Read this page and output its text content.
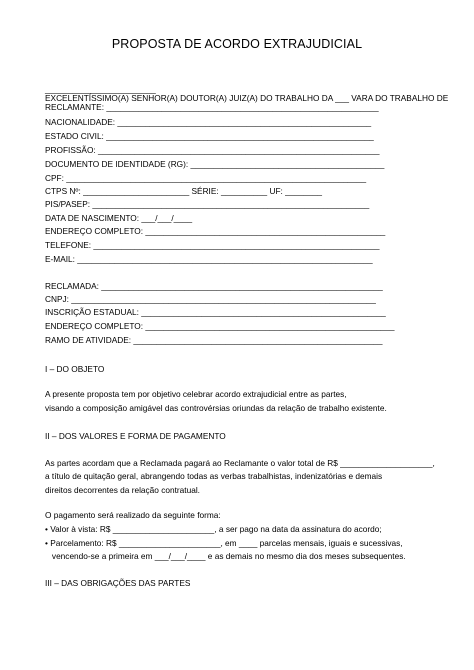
PROPOSTA DE ACORDO EXTRAJUDICIAL
EXCELENTÍSSIMO(A) SENHOR(A) DOUTOR(A) JUIZ(A) DO TRABALHO DA ___ VARA DO TRABALHO DE
________________________
RECLAMANTE: ___________________________________________________________
NACIONALIDADE: _______________________________________________________
ESTADO CIVIL: __________________________________________________________
PROFISSÃO: _____________________________________________________________
DOCUMENTO DE IDENTIDADE (RG): __________________________________________
CPF: _________________________________________________________________
CTPS Nº: _______________________ SÉRIE: __________ UF: ________
PIS/PASEP: ____________________________________________________________
DATA DE NASCIMENTO: ___/___/____
ENDEREÇO COMPLETO: ____________________________________________________
TELEFONE: ______________________________________________________________
E-MAIL: ________________________________________________________________
RECLAMADA: _____________________________________________________________
CNPJ: __________________________________________________________________
INSCRIÇÃO ESTADUAL: _____________________________________________________
ENDEREÇO COMPLETO: ______________________________________________________
RAMO DE ATIVIDADE: ______________________________________________________
I – DO OBJETO
A presente proposta tem por objetivo celebrar acordo extrajudicial entre as partes,
visando a composição amigável das controvérsias oriundas da relação de trabalho existente.
II – DOS VALORES E FORMA DE PAGAMENTO
As partes acordam que a Reclamada pagará ao Reclamante o valor total de R$ ____________________,
a título de quitação geral, abrangendo todas as verbas trabalhistas, indenizatórias e demais
direitos decorrentes da relação contratual.
O pagamento será realizado da seguinte forma:
• Valor à vista: R$ ______________________, a ser pago na data da assinatura do acordo;
• Parcelamento: R$ ______________________, em ____ parcelas mensais, iguais e sucessivas,
vencendo-se a primeira em ___/___/____ e as demais no mesmo dia dos meses subsequentes.
III – DAS OBRIGAÇÕES DAS PARTES
